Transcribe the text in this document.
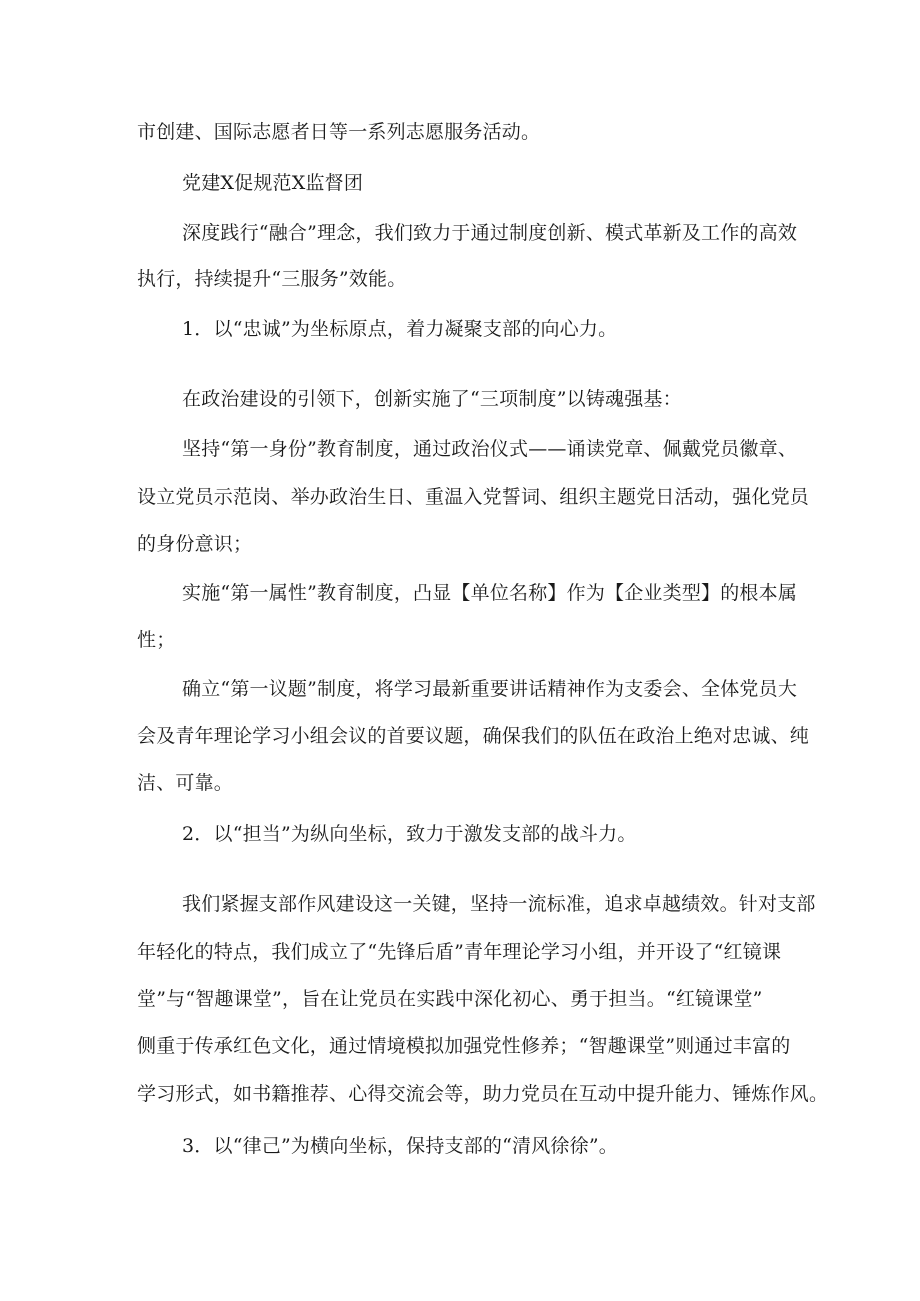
市创建、国际志愿者日等一系列志愿服务活动。
党建X促规范X监督团
深度践行“融合”理念，我们致力于通过制度创新、模式革新及工作的高效
执行，持续提升“三服务”效能。
1．以“忠诚”为坐标原点，着力凝聚支部的向心力。
在政治建设的引领下，创新实施了“三项制度”以铸魂强基：
坚持“第一身份”教育制度，通过政治仪式——诵读党章、佩戴党员徽章、
设立党员示范岗、举办政治生日、重温入党誓词、组织主题党日活动，强化党员
的身份意识；
实施“第一属性”教育制度，凸显【单位名称】作为【企业类型】的根本属
性；
确立“第一议题”制度，将学习最新重要讲话精神作为支委会、全体党员大
会及青年理论学习小组会议的首要议题，确保我们的队伍在政治上绝对忠诚、纯
洁、可靠。
2．以“担当”为纵向坐标，致力于激发支部的战斗力。
我们紧握支部作风建设这一关键，坚持一流标准，追求卓越绩效。针对支部
年轻化的特点，我们成立了“先锋后盾”青年理论学习小组，并开设了“红镜课
堂”与“智趣课堂”，旨在让党员在实践中深化初心、勇于担当。“红镜课堂”
侧重于传承红色文化，通过情境模拟加强党性修养；“智趣课堂”则通过丰富的
学习形式，如书籍推荐、心得交流会等，助力党员在互动中提升能力、锤炼作风。
3．以“律己”为横向坐标，保持支部的“清风徐徐”。
